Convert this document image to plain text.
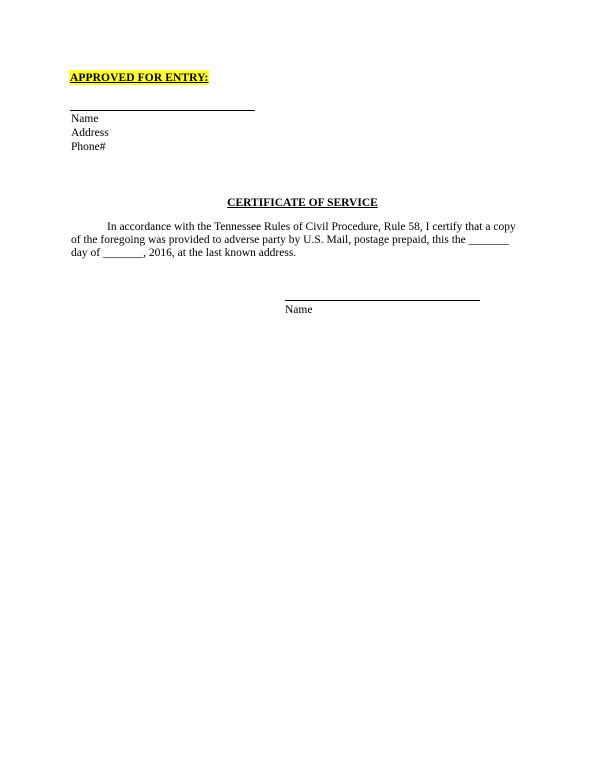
APPROVED FOR ENTRY:
Name
Address
Phone#
CERTIFICATE OF SERVICE
In accordance with the Tennessee Rules of Civil Procedure, Rule 58, I certify that a copy
of the foregoing was provided to adverse party by U.S. Mail, postage prepaid, this the _______
day of _______, 2016, at the last known address.
Name
